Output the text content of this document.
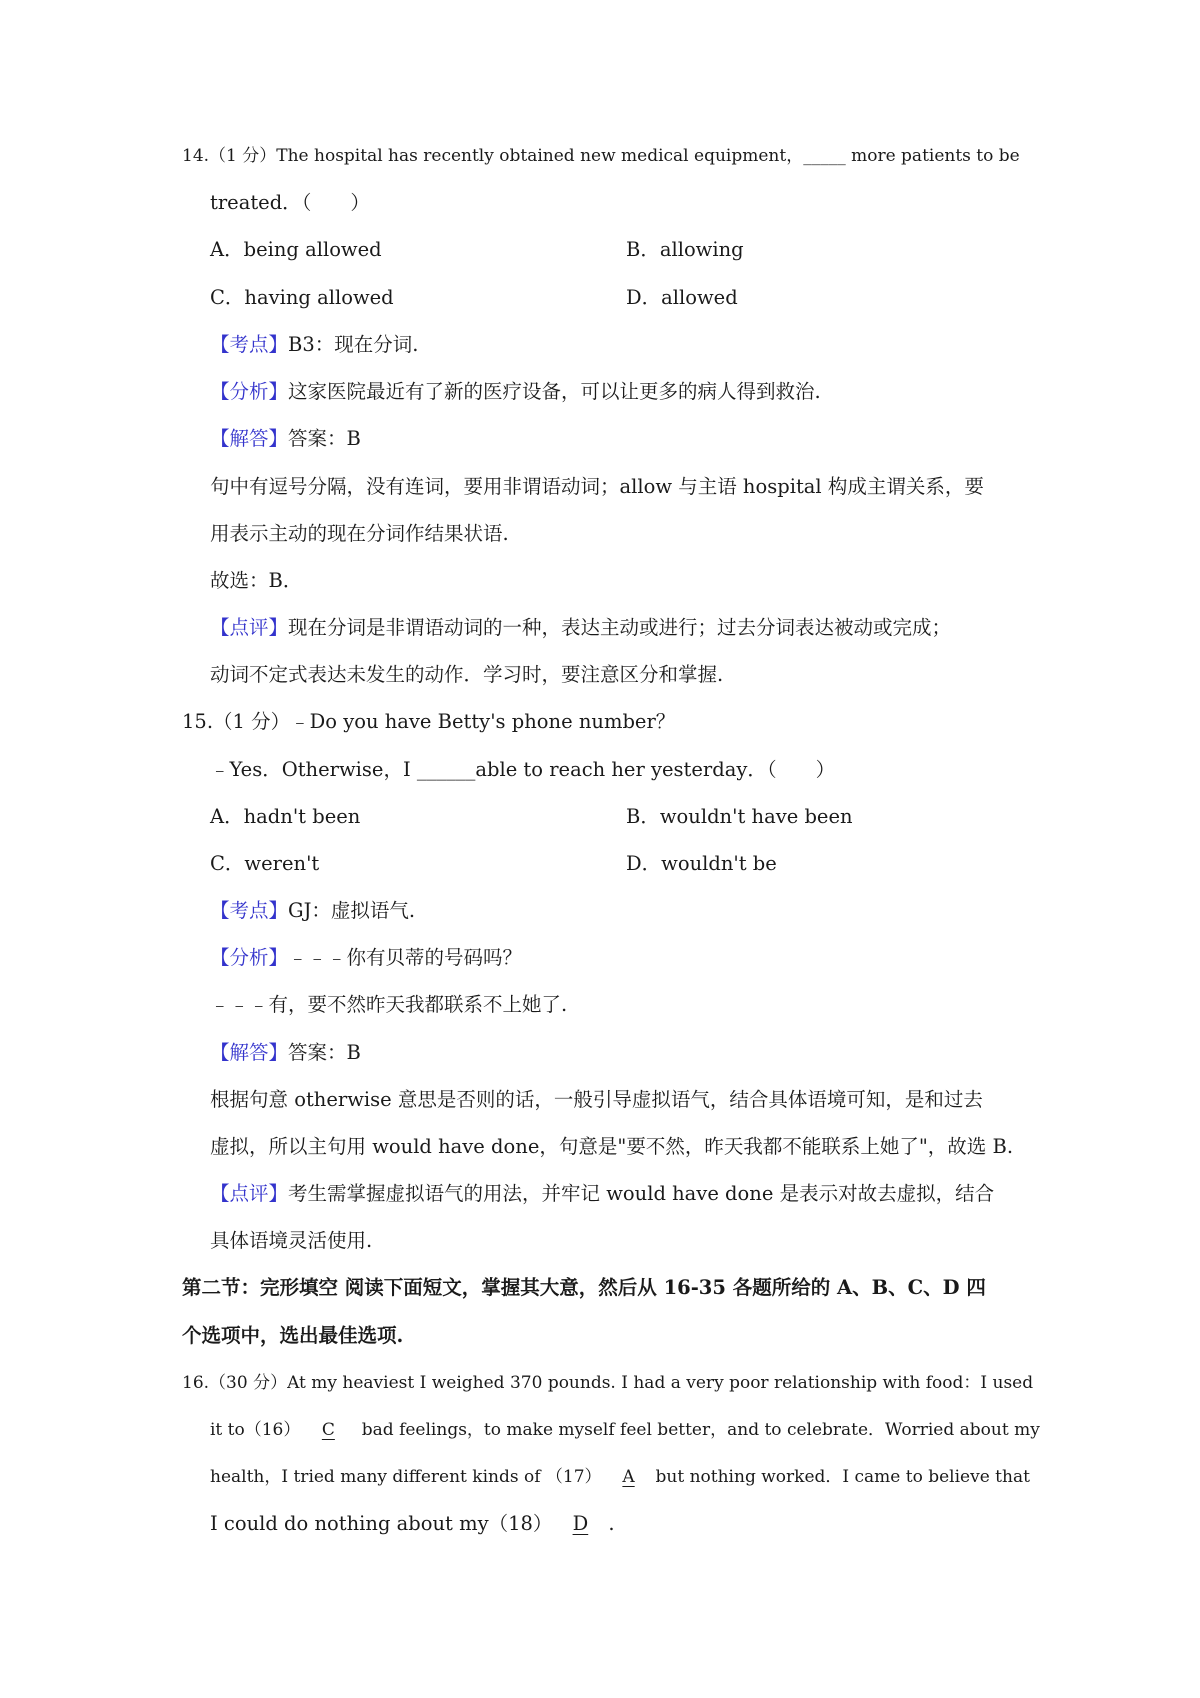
14.（1 分）The hospital has recently obtained new medical equipment，_____ more patients to be
treated．（　　）
A．being allowed	B．allowing
C．having allowed	D．allowed
【考点】B3：现在分词.
【分析】这家医院最近有了新的医疗设备，可以让更多的病人得到救治.
【解答】答案：B
句中有逗号分隔，没有连词，要用非谓语动词；allow 与主语 hospital 构成主谓关系，要
用表示主动的现在分词作结果状语.
故选：B．
【点评】现在分词是非谓语动词的一种，表达主动或进行；过去分词表达被动或完成；
动词不定式表达未发生的动作．学习时，要注意区分和掌握.
15.（1 分）﹣Do you have Betty's phone number？
﹣Yes．Otherwise，I ______able to reach her yesterday．（　　）
A．hadn't been	B．wouldn't have been
C．weren't	D．wouldn't be
【考点】GJ：虚拟语气.
【分析】﹣﹣﹣你有贝蒂的号码吗？
﹣﹣﹣有，要不然昨天我都联系不上她了.
【解答】答案：B
根据句意 otherwise 意思是否则的话，一般引导虚拟语气，结合具体语境可知，是和过去
虚拟，所以主句用 would have done，句意是"要不然，昨天我都不能联系上她了"，故选 B.
【点评】考生需掌握虚拟语气的用法，并牢记 would have done 是表示对故去虚拟，结合
具体语境灵活使用.
第二节：完形填空 阅读下面短文，掌握其大意，然后从 16-35 各题所给的 A、B、C、D 四
个选项中，选出最佳选项.
16.（30 分）At my heaviest I weighed 370 pounds. I had a very poor relationship with food：I used
it to（16） C bad feelings，to make myself feel better，and to celebrate．Worried about my
health，I tried many different kinds of （17） A but nothing worked．I came to believe that
I could do nothing about my（18） D .
